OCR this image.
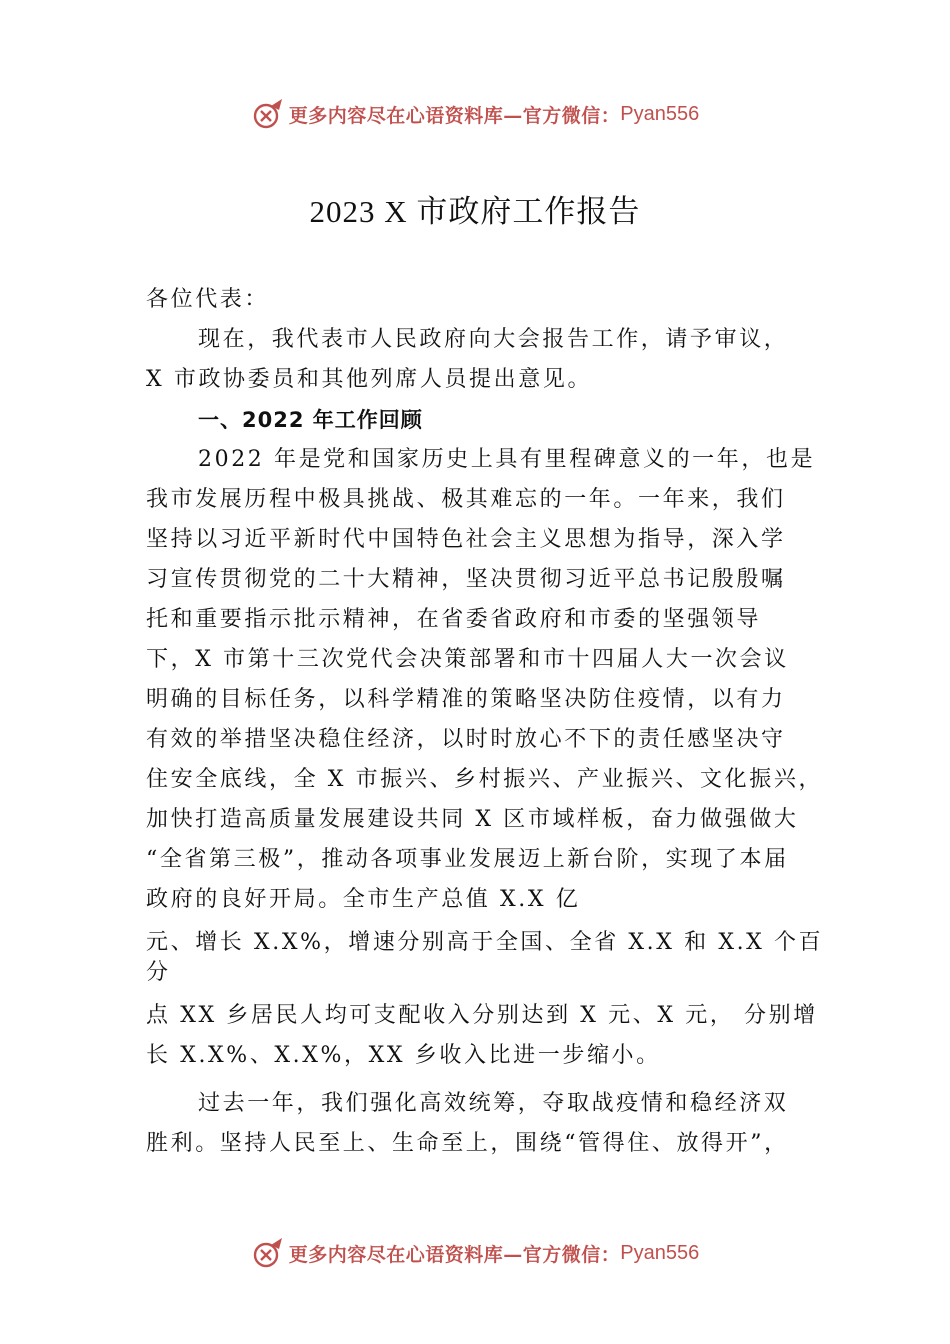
更多内容尽在心语资料库—官方微信： Pyan556
2023 X 市政府工作报告
各位代表：
现在，我代表市人民政府向大会报告工作，请予审议，
X 市政协委员和其他列席人员提出意见。
一、2022 年工作回顾
2022 年是党和国家历史上具有里程碑意义的一年，也是
我市发展历程中极具挑战、极其难忘的一年。一年来，我们
坚持以习近平新时代中国特色社会主义思想为指导，深入学
习宣传贯彻党的二十大精神，坚决贯彻习近平总书记殷殷嘱
托和重要指示批示精神，在省委省政府和市委的坚强领导
下，X 市第十三次党代会决策部署和市十四届人大一次会议
明确的目标任务，以科学精准的策略坚决防住疫情，以有力
有效的举措坚决稳住经济，以时时放心不下的责任感坚决守
住安全底线，全 X 市振兴、乡村振兴、产业振兴、文化振兴，
加快打造高质量发展建设共同 X 区市域样板，奋力做强做大
“全省第三极”，推动各项事业发展迈上新台阶，实现了本届
政府的良好开局。全市生产总值 X.X 亿
元、增长 X.X%，增速分别高于全国、全省 X.X 和 X.X 个百
分
点 XX 乡居民人均可支配收入分别达到 X 元、X 元， 分别增
长 X.X%、X.X%，XX 乡收入比进一步缩小。
过去一年，我们强化高效统筹，夺取战疫情和稳经济双
胜利。坚持人民至上、生命至上，围绕“管得住、放得开”，
更多内容尽在心语资料库—官方微信： Pyan556
